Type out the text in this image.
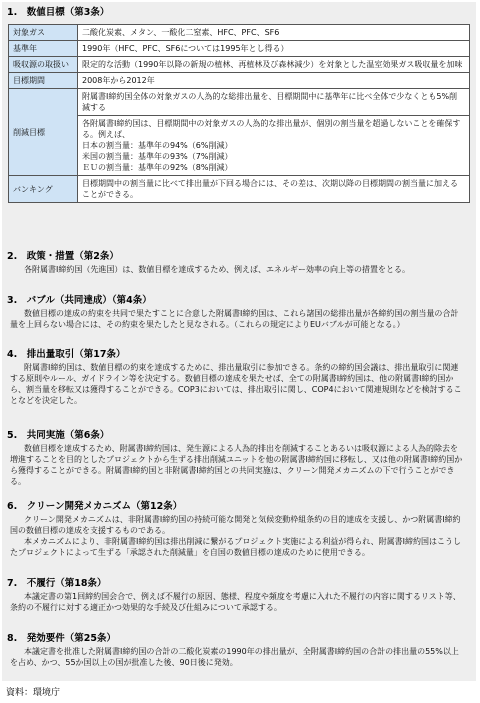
1.　数値目標（第3条）
対象ガス	二酸化炭素、メタン、一酸化二窒素、HFC、PFC、SF6
基準年	1990年（HFC、PFC、SF6については1995年とし得る）
吸収源の取扱い	限定的な活動（1990年以降の新規の植林、再植林及び森林減少）を対象とした温室効果ガス吸収量を加味
目標期間	2008年から2012年
削減目標	附属書Ⅰ締約国全体の対象ガスの人為的な総排出量を、目標期間中に基準年に比べ全体で少なくとも5%削減する

	各附属書Ⅰ締約国は、目標期間中の対象ガスの人為的な排出量が、個別の割当量を超過しないことを確保する。例えば、
日本の割当量：基準年の94%（6%削減）
米国の割当量：基準年の93%（7%削減）
ＥＵの割当量：基準年の92%（8%削減）

バンキング	目標期間中の割当量に比べて排出量が下回る場合には、その差は、次期以降の目標期間の割当量に加えることができる。
2.　政策・措置（第2条）
各附属書Ⅰ締約国（先進国）は、数値目標を達成するため、例えば、エネルギー効率の向上等の措置をとる。
3.　バブル（共同達成）（第4条）
数値目標の達成の約束を共同で果たすことに合意した附属書Ⅰ締約国は、これら諸国の総排出量が各締約国の割当量の合計量を上回らない場合には、その約束を果たしたと見なされる。（これらの規定によりEUバブルが可能となる。）
4.　排出量取引（第17条）
附属書Ⅰ締約国は、数値目標の約束を達成するために、排出量取引に参加できる。条約の締約国会議は、排出量取引に関連する原則やルール、ガイドライン等を決定する。数値目標の達成を果たせば、全ての附属書Ⅰ締約国は、他の附属書Ⅰ締約国から、割当量を移転又は獲得することができる。COP3においては、排出取引に関し、COP4において関連規則などを検討することなどを決定した。
5.　共同実施（第6条）
数値目標を達成するため、附属書Ⅰ締約国は、発生源による人為的排出を削減することあるいは吸収源による人為的除去を増進することを目的としたプロジェクトから生ずる排出削減ユニットを他の附属書Ⅰ締約国に移転し、又は他の附属書Ⅰ締約国から獲得することができる。附属書Ⅰ締約国と非附属書Ⅰ締約国との共同実施は、クリーン開発メカニズムの下で行うことができる。
6.　クリーン開発メカニズム（第12条）
クリーン開発メカニズムは、非附属書Ⅰ締約国の持続可能な開発と気候変動枠組条約の目的達成を支援し、かつ附属書Ⅰ締約国の数値目標の達成を支援するものである。
本メカニズムにより、非附属書Ⅰ締約国は排出削減に繋がるプロジェクト実施による利益が得られ、附属書Ⅰ締約国はこうしたプロジェクトによって生ずる「承認された削減量」を自国の数値目標の達成のために使用できる。
7.　不履行（第18条）
本議定書の第1回締約国会合で、例えば不履行の原因、態様、程度や頻度を考慮に入れた不履行の内容に関するリスト等、条約の不履行に対する適正かつ効果的な手続及び仕組みについて承認する。
8.　発効要件（第25条）
本議定書を批准した附属書Ⅰ締約国の合計の二酸化炭素の1990年の排出量が、全附属書Ⅰ締約国の合計の排出量の55%以上を占め、かつ、55か国以上の国が批准した後、90日後に発効。
資料：環境庁
